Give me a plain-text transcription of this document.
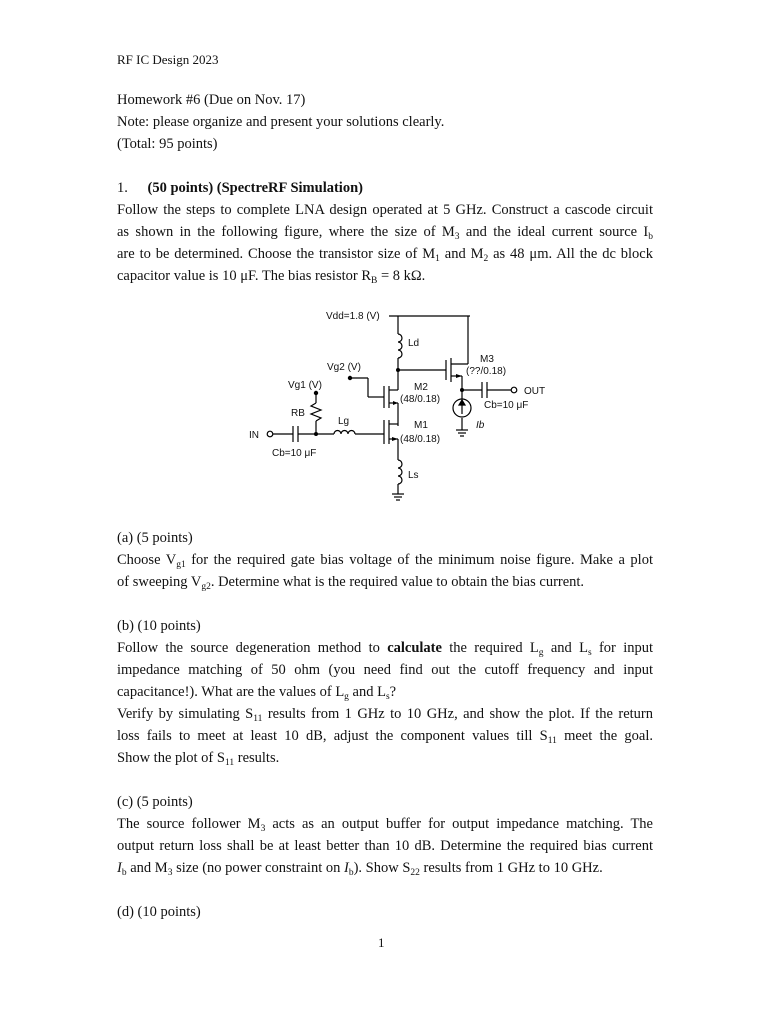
RF IC Design 2023
Homework #6 (Due on Nov. 17)
Note: please organize and present your solutions clearly.
(Total: 95 points)
1. (50 points) (SpectreRF Simulation)
Follow the steps to complete LNA design operated at 5 GHz. Construct a cascode circuit
as shown in the following figure, where the size of $M_3$ and the ideal current source $I_b$
are to be determined. Choose the transistor size of $M_1$ and $M_2$ as 48 μm. All the dc block
capacitor value is 10 μF. The bias resistor $R_B = 8$ kΩ.
Vdd=1.8 (V)
Ld
Vg2 (V)
Vg1 (V)
RB
Lg
IN
Cb=10 μF
M2
(48/0.18)
M1
(48/0.18)
M3
(??/0.18)
OUT
Cb=10 μF
Ib
Ls
(a) (5 points)
Choose $V_{g1}$ for the required gate bias voltage of the minimum noise figure. Make a plot
of sweeping $V_{g2}$. Determine what is the required value to obtain the bias current.
(b) (10 points)
Follow the source degeneration method to calculate the required $L_g$ and $L_s$ for input
impedance matching of 50 ohm (you need find out the cutoff frequency and input
capacitance!). What are the values of $L_g$ and $L_s$?
Verify by simulating $S_{11}$ results from 1 GHz to 10 GHz, and show the plot. If the return
loss fails to meet at least 10 dB, adjust the component values till $S_{11}$ meet the goal.
Show the plot of $S_{11}$ results.
(c) (5 points)
The source follower $M_3$ acts as an output buffer for output impedance matching. The
output return loss shall be at least better than 10 dB. Determine the required bias current
$I_b$ and $M_3$ size (no power constraint on $I_b$). Show $S_{22}$ results from 1 GHz to 10 GHz.
(d) (10 points)
1
